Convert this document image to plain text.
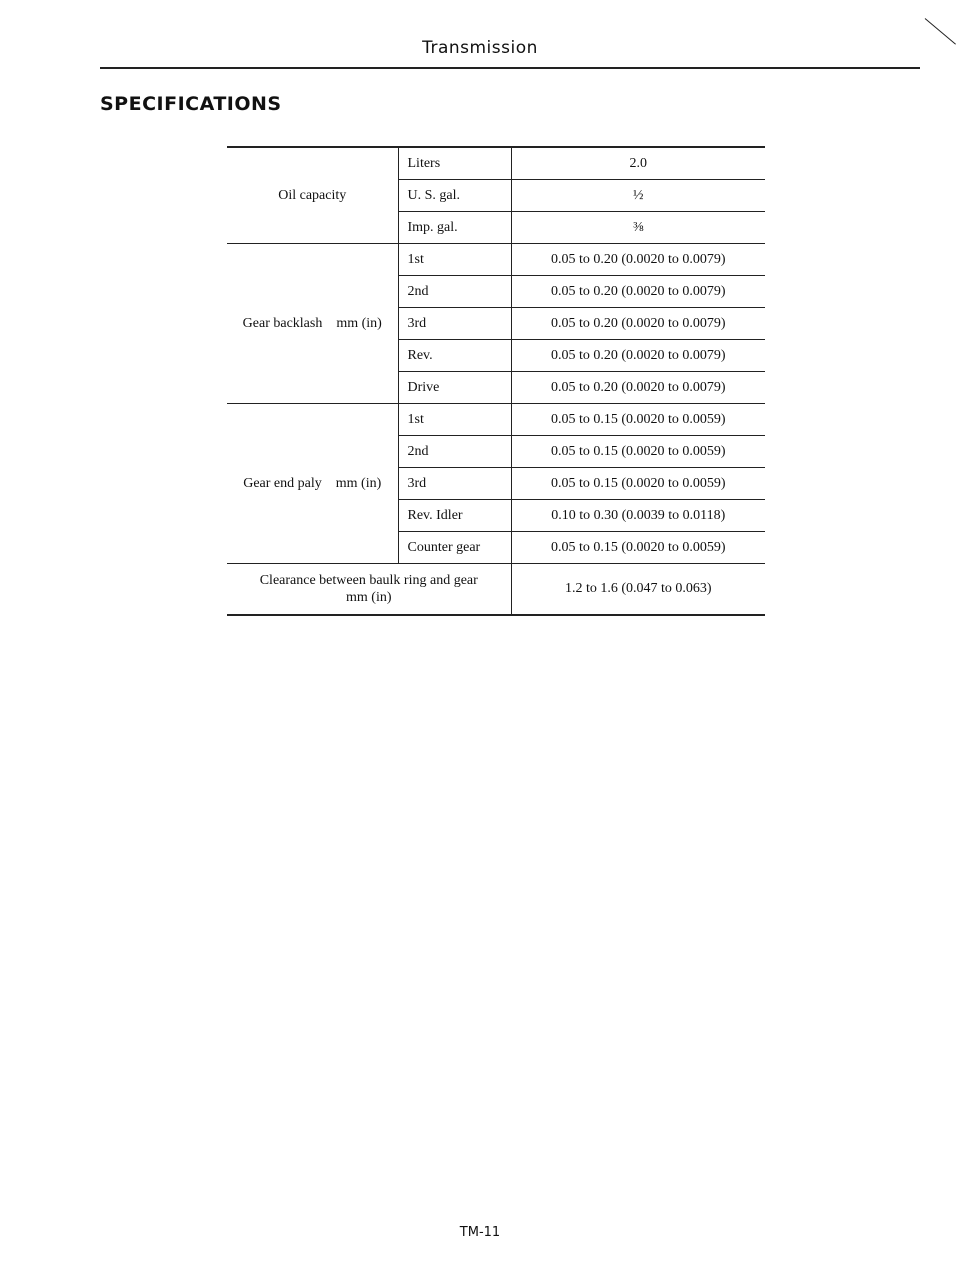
Transmission
SPECIFICATIONS
Oil capacity	Liters	2.0
	U. S. gal.	½
	Imp. gal.	⅜
Gear backlash    mm (in)	1st	0.05 to 0.20 (0.0020 to 0.0079)
	2nd	0.05 to 0.20 (0.0020 to 0.0079)
	3rd	0.05 to 0.20 (0.0020 to 0.0079)
	Rev.	0.05 to 0.20 (0.0020 to 0.0079)
	Drive	0.05 to 0.20 (0.0020 to 0.0079)
Gear end paly    mm (in)	1st	0.05 to 0.15 (0.0020 to 0.0059)
	2nd	0.05 to 0.15 (0.0020 to 0.0059)
	3rd	0.05 to 0.15 (0.0020 to 0.0059)
	Rev. Idler	0.10 to 0.30 (0.0039 to 0.0118)
	Counter gear	0.05 to 0.15 (0.0020 to 0.0059)

Clearance between baulk ring and gear
mm (in)		1.2 to 1.6 (0.047 to 0.063)
TM-11
